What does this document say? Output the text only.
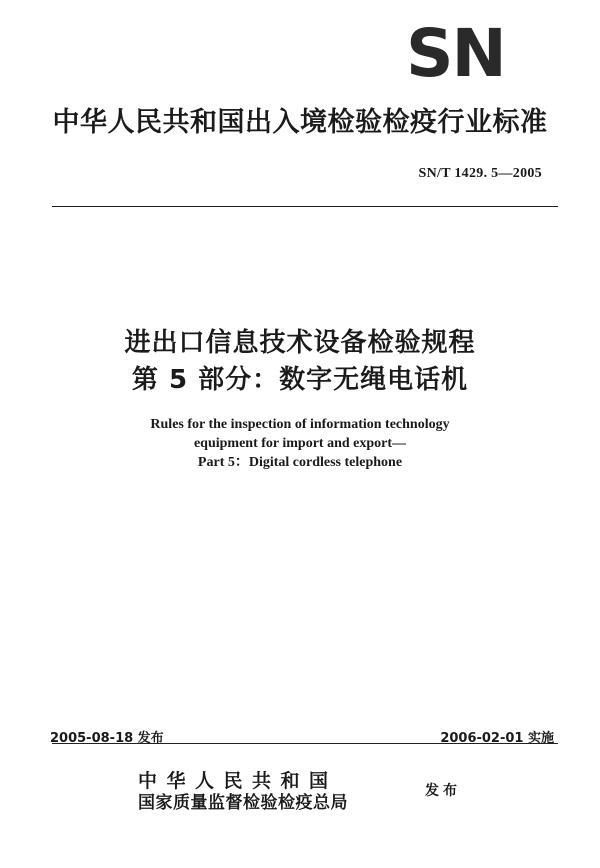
SN
中华人民共和国出入境检验检疫行业标准
SN/T 1429. 5—2005
进出口信息技术设备检验规程
第 5 部分：数字无绳电话机
Rules for the inspection of information technology
equipment for import and export—
Part 5：Digital cordless telephone
2005-08-18 发布	2006-02-01 实施
中华人民共和国
国家质量监督检验检疫总局
发布
